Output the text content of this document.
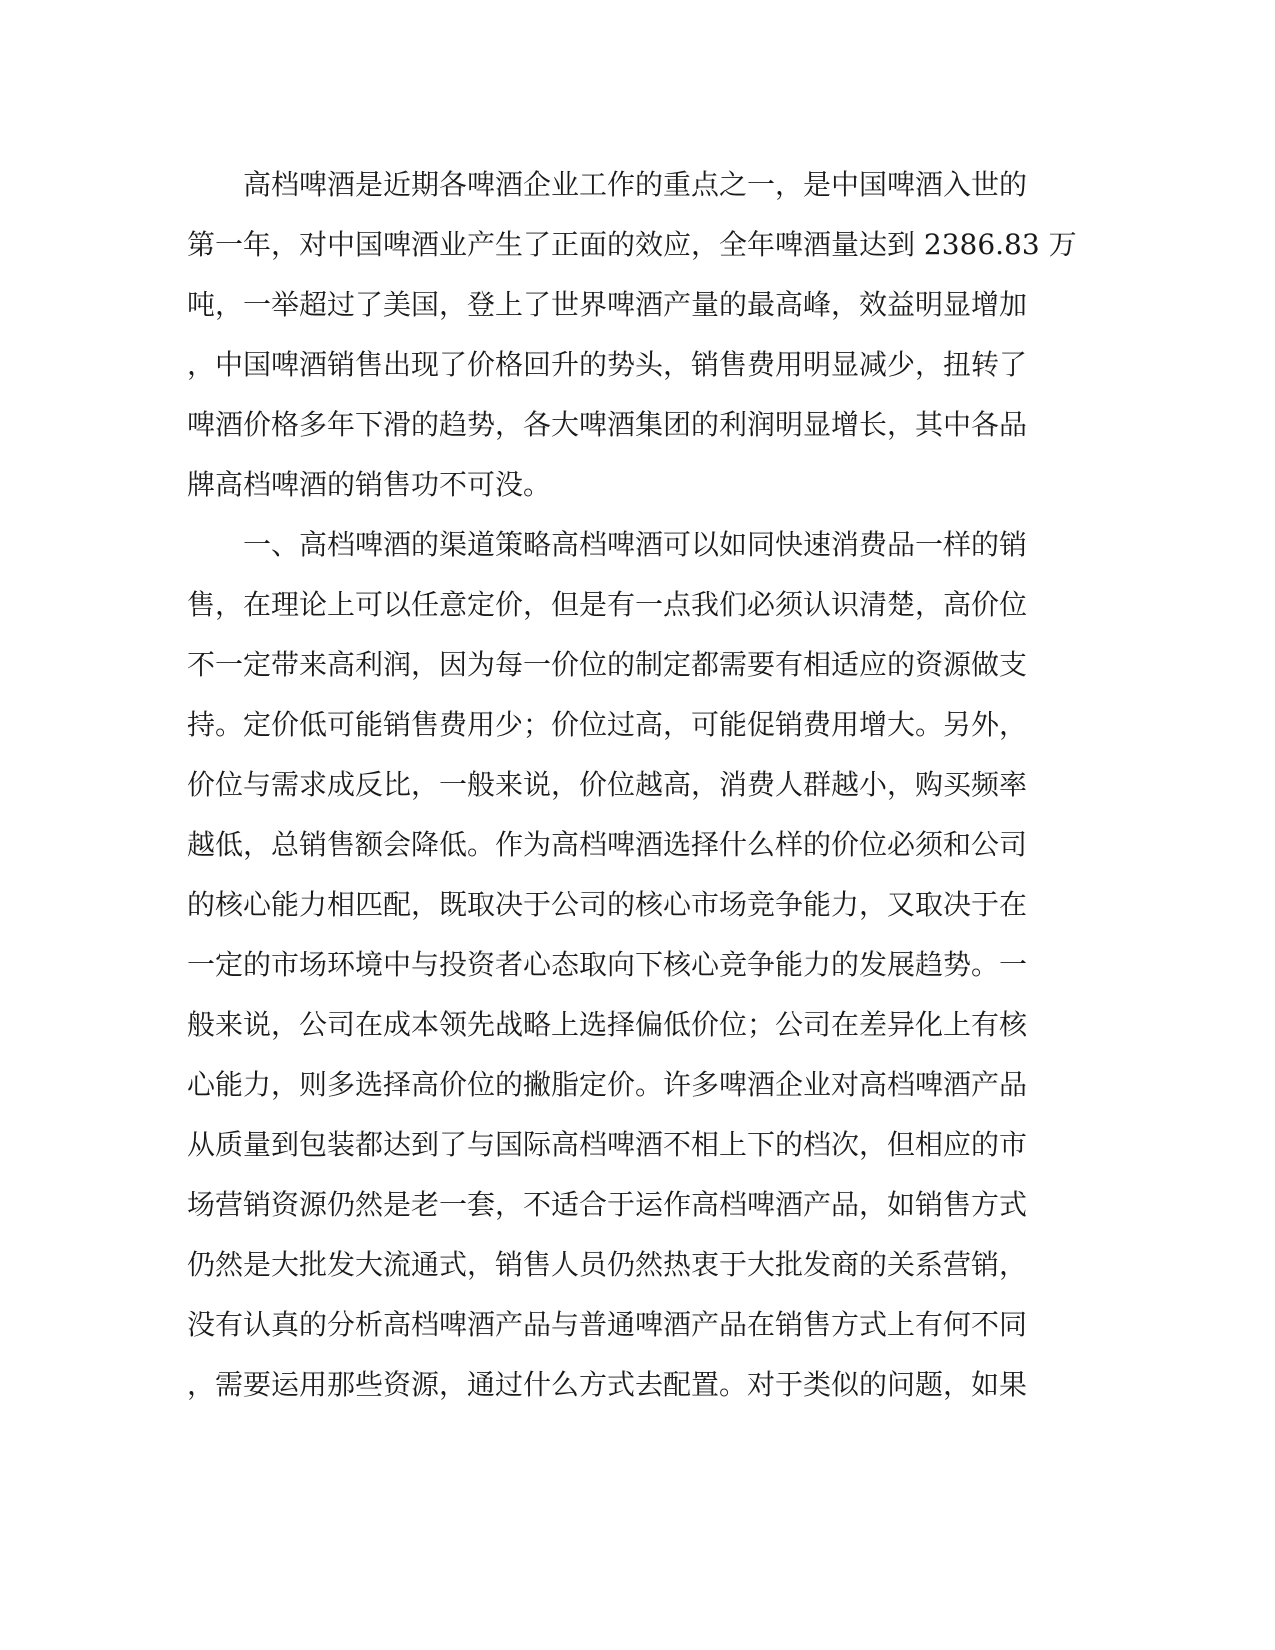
　　高档啤酒是近期各啤酒企业工作的重点之一，是中国啤酒入世的
第一年，对中国啤酒业产生了正面的效应，全年啤酒量达到 2386.83 万
吨，一举超过了美国，登上了世界啤酒产量的最高峰，效益明显增加
，中国啤酒销售出现了价格回升的势头，销售费用明显减少，扭转了
啤酒价格多年下滑的趋势，各大啤酒集团的利润明显增长，其中各品
牌高档啤酒的销售功不可没。
　　一、高档啤酒的渠道策略高档啤酒可以如同快速消费品一样的销
售，在理论上可以任意定价，但是有一点我们必须认识清楚，高价位
不一定带来高利润，因为每一价位的制定都需要有相适应的资源做支
持。定价低可能销售费用少；价位过高，可能促销费用增大。另外，
价位与需求成反比，一般来说，价位越高，消费人群越小，购买频率
越低，总销售额会降低。作为高档啤酒选择什么样的价位必须和公司
的核心能力相匹配，既取决于公司的核心市场竞争能力，又取决于在
一定的市场环境中与投资者心态取向下核心竞争能力的发展趋势。一
般来说，公司在成本领先战略上选择偏低价位；公司在差异化上有核
心能力，则多选择高价位的撇脂定价。许多啤酒企业对高档啤酒产品
从质量到包装都达到了与国际高档啤酒不相上下的档次，但相应的市
场营销资源仍然是老一套，不适合于运作高档啤酒产品，如销售方式
仍然是大批发大流通式，销售人员仍然热衷于大批发商的关系营销，
没有认真的分析高档啤酒产品与普通啤酒产品在销售方式上有何不同
，需要运用那些资源，通过什么方式去配置。对于类似的问题，如果
